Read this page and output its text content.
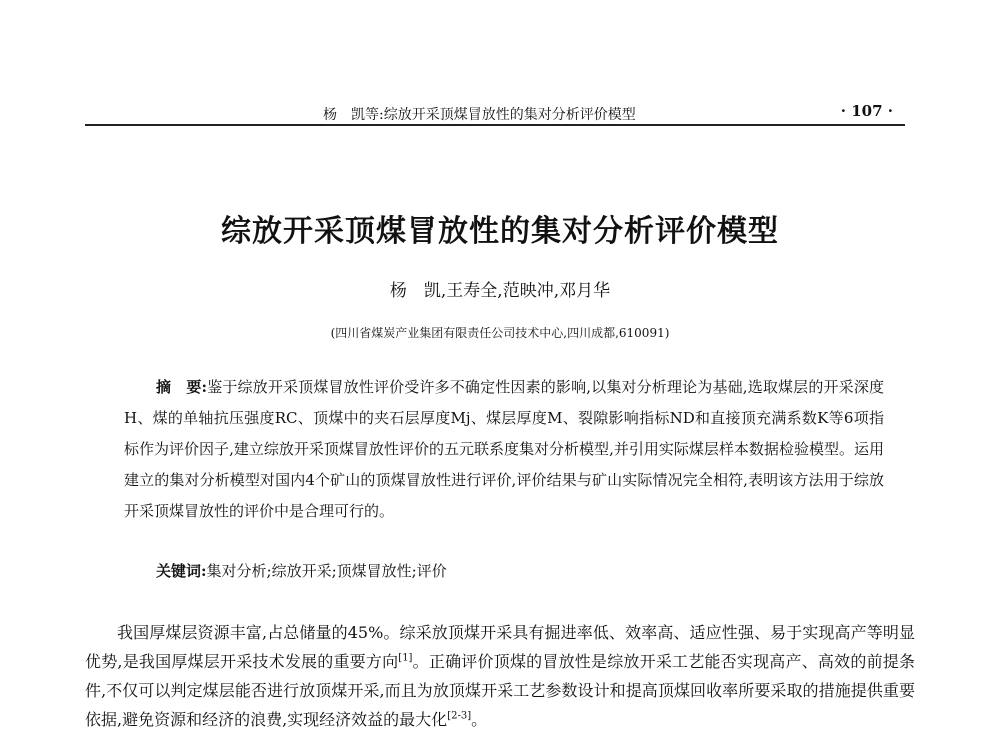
杨　凯等:综放开采顶煤冒放性的集对分析评价模型	· 107 ·
综放开采顶煤冒放性的集对分析评价模型
杨　凯,王寿全,范映冲,邓月华
(四川省煤炭产业集团有限责任公司技术中心,四川成都,610091)
摘　要:鉴于综放开采顶煤冒放性评价受许多不确定性因素的影响,以集对分析理论为基础,选取煤层的开采深度H、煤的单轴抗压强度RC、顶煤中的夹石层厚度Mj、煤层厚度M、裂隙影响指标ND和直接顶充满系数K等6项指标作为评价因子,建立综放开采顶煤冒放性评价的五元联系度集对分析模型,并引用实际煤层样本数据检验模型。运用建立的集对分析模型对国内4个矿山的顶煤冒放性进行评价,评价结果与矿山实际情况完全相符,表明该方法用于综放开采顶煤冒放性的评价中是合理可行的。
关键词:集对分析;综放开采;顶煤冒放性;评价
我国厚煤层资源丰富,占总储量的45%。综采放顶煤开采具有掘进率低、效率高、适应性强、易于实现高产等明显优势,是我国厚煤层开采技术发展的重要方向[1]。正确评价顶煤的冒放性是综放开采工艺能否实现高产、高效的前提条件,不仅可以判定煤层能否进行放顶煤开采,而且为放顶煤开采工艺参数设计和提高顶煤回收率所要采取的措施提供重要依据,避免资源和经济的浪费,实现经济效益的最大化[2-3]。
